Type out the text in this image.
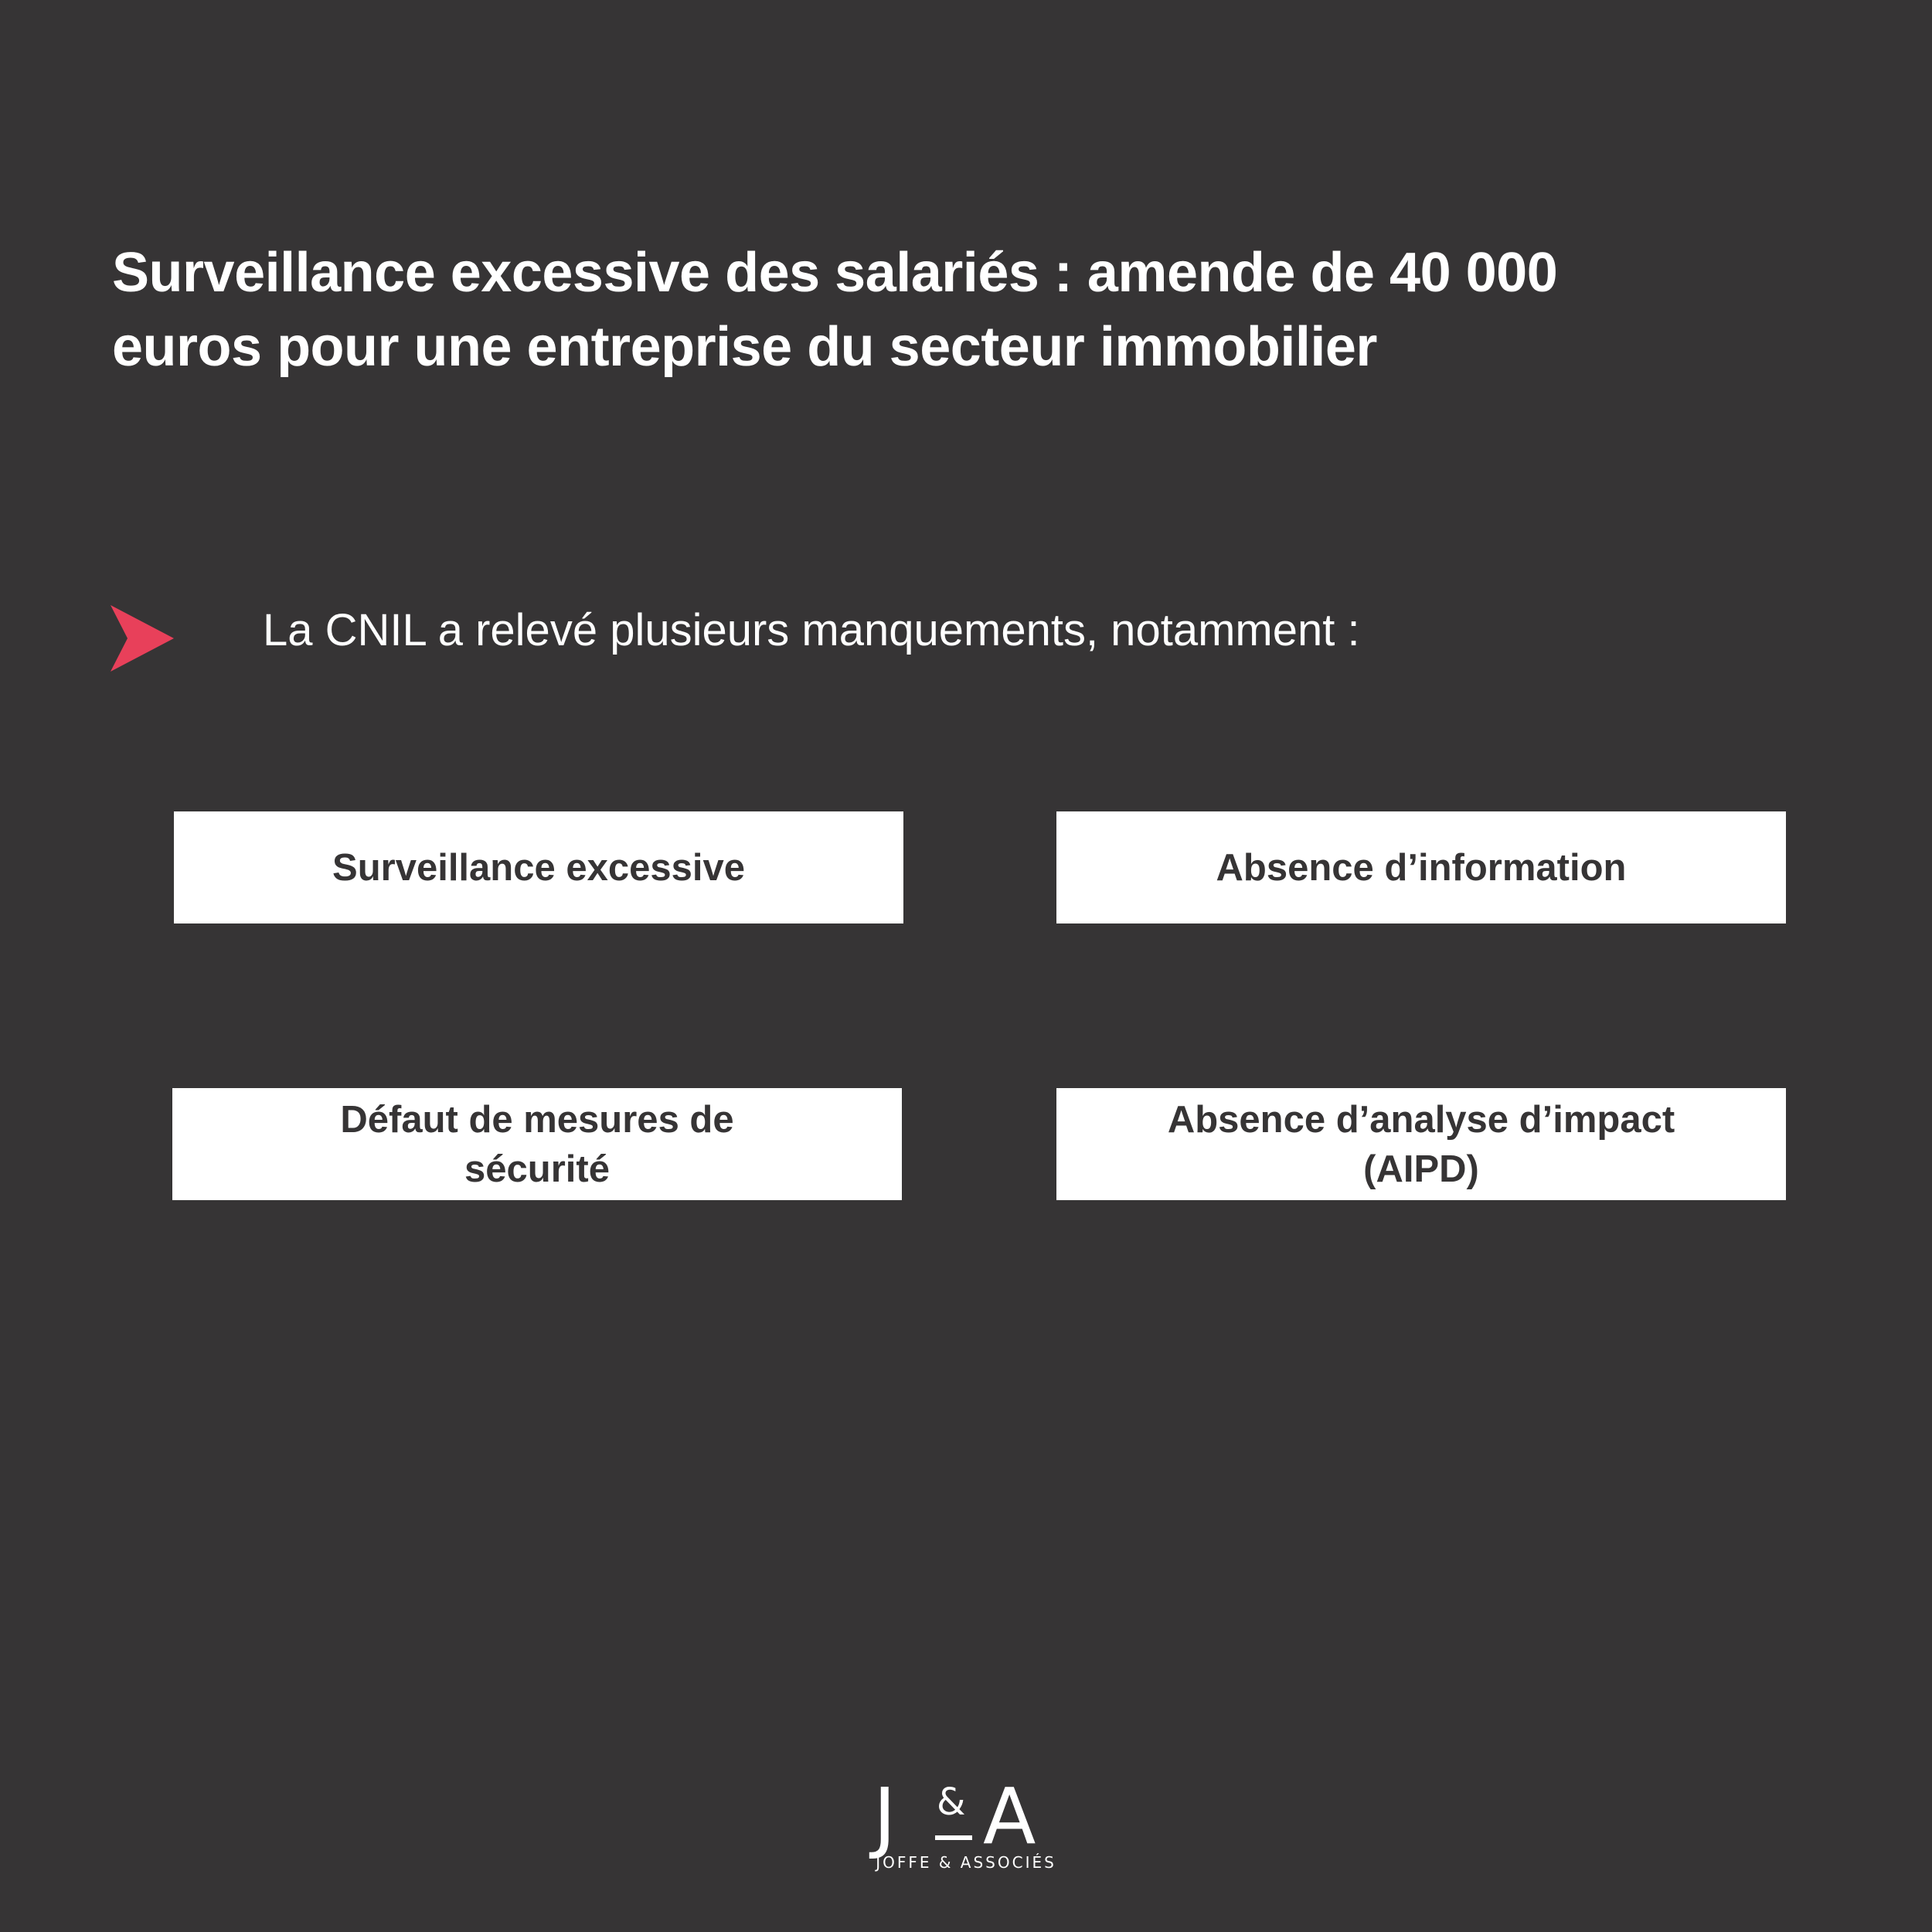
Surveillance excessive des salariés : amende de 40 000
euros pour une entreprise du secteur immobilier
La CNIL a relevé plusieurs manquements, notamment :
Surveillance excessive	Absence d’information
Défaut de mesures de
sécurité
Absence d’analyse d’impact
(AIPD)
J & A
JOFFE & ASSOCIÉS
